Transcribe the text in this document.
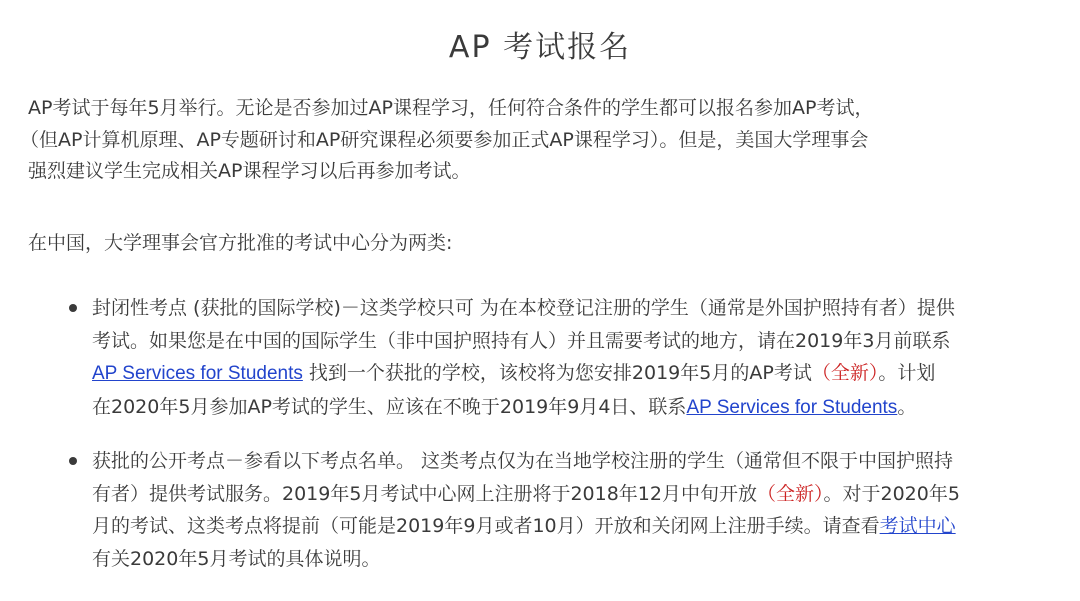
AP 考试报名
AP考试于每年5月举行。无论是否参加过AP课程学习，任何符合条件的学生都可以报名参加AP考试，
（但AP计算机原理、AP专题研讨和AP研究课程必须要参加正式AP课程学习）。但是，美国大学理事会
强烈建议学生完成相关AP课程学习以后再参加考试。
在中国，大学理事会官方批准的考试中心分为两类:
封闭性考点 (获批的国际学校)－这类学校只可 为在本校登记注册的学生（通常是外国护照持有者）提供
考试。如果您是在中国的国际学生（非中国护照持有人）并且需要考试的地方，请在2019年3月前联系
AP Services for Students 找到一个获批的学校，该校将为您安排2019年5月的AP考试（全新）。计划
在2020年5月参加AP考试的学生、应该在不晚于2019年9月4日、联系AP Services for Students。
获批的公开考点－参看以下考点名单。 这类考点仅为在当地学校注册的学生（通常但不限于中国护照持
有者）提供考试服务。2019年5月考试中心网上注册将于2018年12月中旬开放（全新）。对于2020年5
月的考试、这类考点将提前（可能是2019年9月或者10月）开放和关闭网上注册手续。请查看考试中心
有关2020年5月考试的具体说明。
